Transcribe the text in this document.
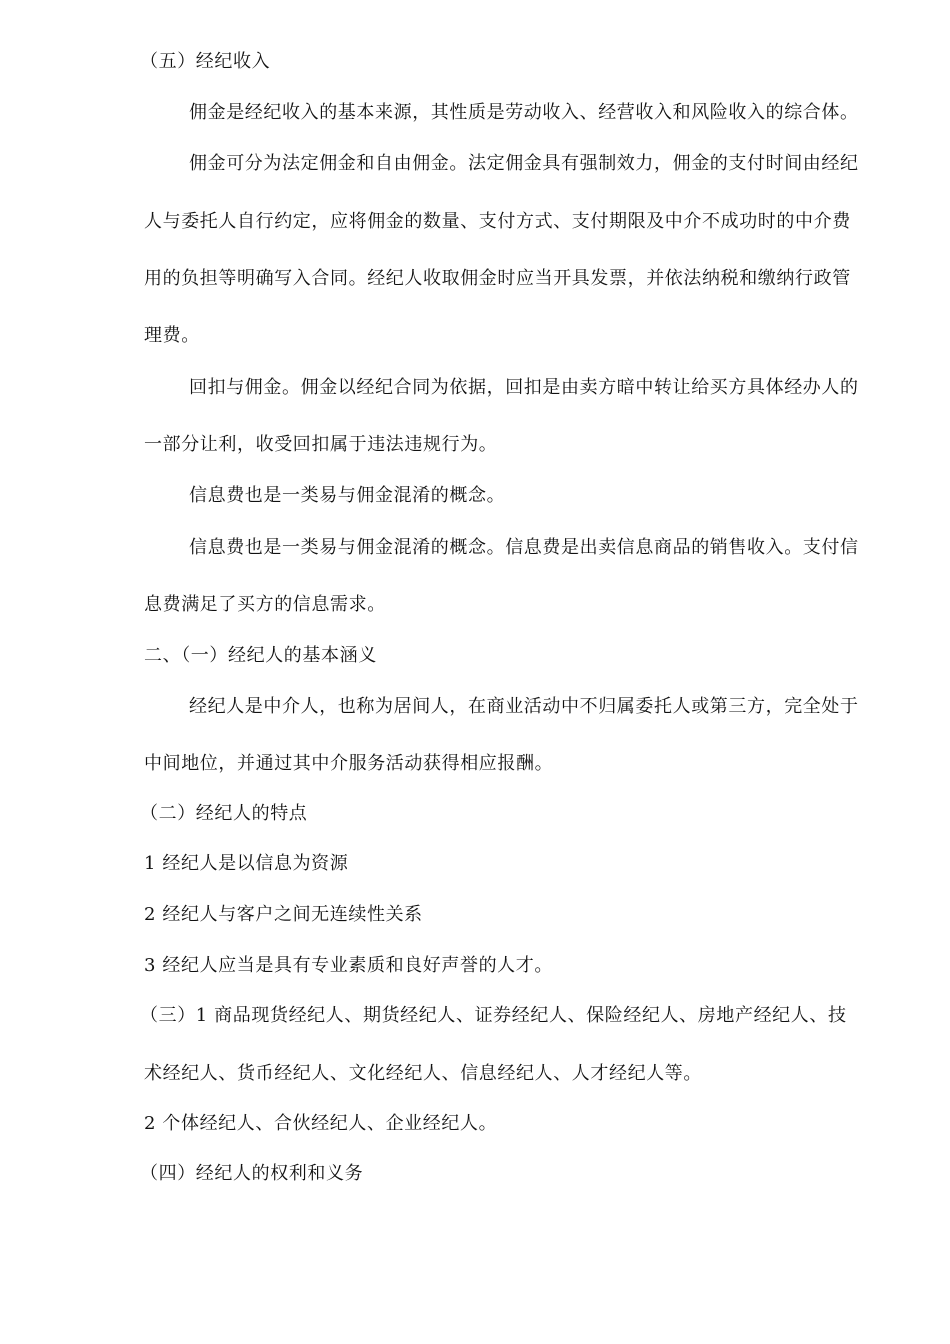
（五）经纪收入
佣金是经纪收入的基本来源，其性质是劳动收入、经营收入和风险收入的综合体。
佣金可分为法定佣金和自由佣金。法定佣金具有强制效力，佣金的支付时间由经纪
人与委托人自行约定，应将佣金的数量、支付方式、支付期限及中介不成功时的中介费
用的负担等明确写入合同。经纪人收取佣金时应当开具发票，并依法纳税和缴纳行政管
理费。
回扣与佣金。佣金以经纪合同为依据，回扣是由卖方暗中转让给买方具体经办人的
一部分让利，收受回扣属于违法违规行为。
信息费也是一类易与佣金混淆的概念。
信息费也是一类易与佣金混淆的概念。信息费是出卖信息商品的销售收入。支付信
息费满足了买方的信息需求。
二、（一）经纪人的基本涵义
经纪人是中介人，也称为居间人，在商业活动中不归属委托人或第三方，完全处于
中间地位，并通过其中介服务活动获得相应报酬。
（二）经纪人的特点
1 经纪人是以信息为资源
2 经纪人与客户之间无连续性关系
3 经纪人应当是具有专业素质和良好声誉的人才。
（三）1 商品现货经纪人、期货经纪人、证券经纪人、保险经纪人、房地产经纪人、技
术经纪人、货币经纪人、文化经纪人、信息经纪人、人才经纪人等。
2 个体经纪人、合伙经纪人、企业经纪人。
（四）经纪人的权利和义务
